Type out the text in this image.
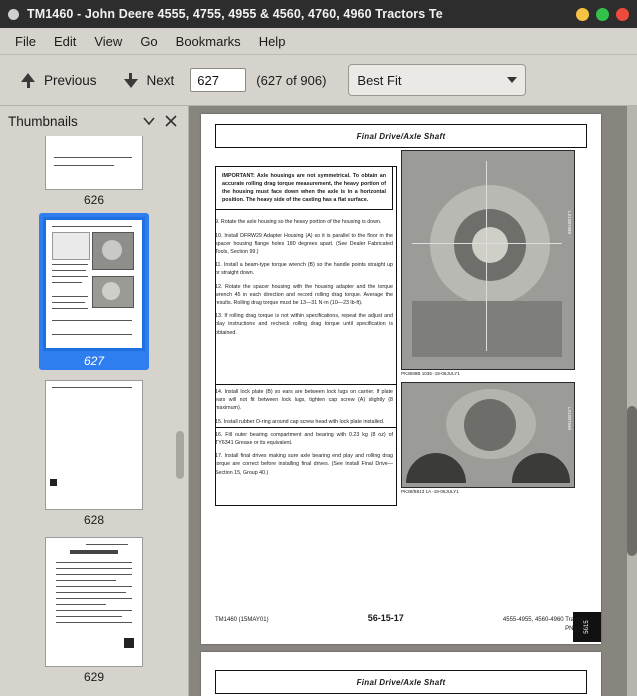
TM1460 - John Deere 4555, 4755, 4955 & 4560, 4760, 4960 Tractors Te
File	Edit	View	Go	Bookmarks	Help
Previous	Next
627	(627 of 906) Best Fit
Thumbnails
626
627
628
629
Final Drive/Axle Shaft
IMPORTANT: Axle housings are not symmetrical. To obtain an accurate rolling drag torque measurement, the heavy portion of the housing must face down when the axle is in a horizontal position. The heavy side of the casting has a flat surface.
9. Rotate the axle housing so the heavy portion of the housing is down.
10. Install DFRW29 Adapter Housing (A) so it is parallel to the floor in the spacer housing flange holes 180 degrees apart. (See Dealer Fabricated Tools, Section 99.)
11. Install a beam-type torque wrench (B) so the handle points straight up or straight down.
12. Rotate the spacer housing with the housing adapter and the torque wrench 45 in each direction and record rolling drag torque. Average the results. Rolling drag torque must be 13—31 N·m (10—23 lb-ft).
13. If rolling drag torque is not within specifications, repeat the adjust and play instructions and recheck rolling drag torque until specification is obtained.
LX1007689
PK3699B 1035 -19-06JULY1
14. Install lock plate (B) so ears are between lock lugs on carrier. If plate ears will not fit between lock lugs, tighten cap screw (A) slightly (8 maximum).
15. Install rubber O-ring around cap screw head with lock plate installed.
16. Fill outer bearing compartment and bearing with 0.23 kg (8 oz) of TY6341 Grease or its equivalent.
17. Install final drives making sure axle bearing end play and rolling drag torque are correct before installing final drives. (See Install Final Drive—Section 15, Group 40.)
LX1007690
PK38/B813 1A -19-06JULY1
5615
TM1460 (15MAY01)	56-15-17	4555-4955, 4560-4960 Tractors
PN=604
Final Drive/Axle Shaft
